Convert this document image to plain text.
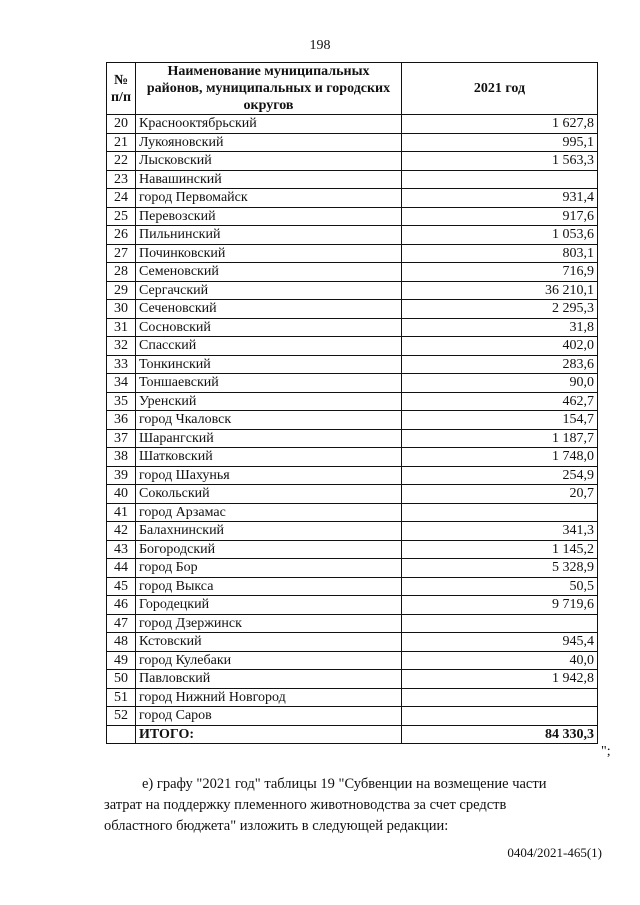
198
№ п/п	Наименование муниципальных районов, муниципальных и городских округов	2021 год
20	Краснооктябрьский	1 627,8
21	Лукояновский	995,1
22	Лысковский	1 563,3
23	Навашинский	
24	город Первомайск	931,4
25	Перевозский	917,6
26	Пильнинский	1 053,6
27	Починковский	803,1
28	Семеновский	716,9
29	Сергачский	36 210,1
30	Сеченовский	2 295,3
31	Сосновский	31,8
32	Спасский	402,0
33	Тонкинский	283,6
34	Тоншаевский	90,0
35	Уренский	462,7
36	город Чкаловск	154,7
37	Шарангский	1 187,7
38	Шатковский	1 748,0
39	город Шахунья	254,9
40	Сокольский	20,7
41	город Арзамас	
42	Балахнинский	341,3
43	Богородский	1 145,2
44	город Бор	5 328,9
45	город Выкса	50,5
46	Городецкий	9 719,6
47	город Дзержинск	
48	Кстовский	945,4
49	город Кулебаки	40,0
50	Павловский	1 942,8
51	город Нижний Новгород	
52	город Саров	
	ИТОГО:	84 330,3
";
е) графу "2021 год" таблицы 19 "Субвенции на возмещение части
затрат на поддержку племенного животноводства за счет средств
областного бюджета" изложить в следующей редакции:
0404/2021-465(1)
